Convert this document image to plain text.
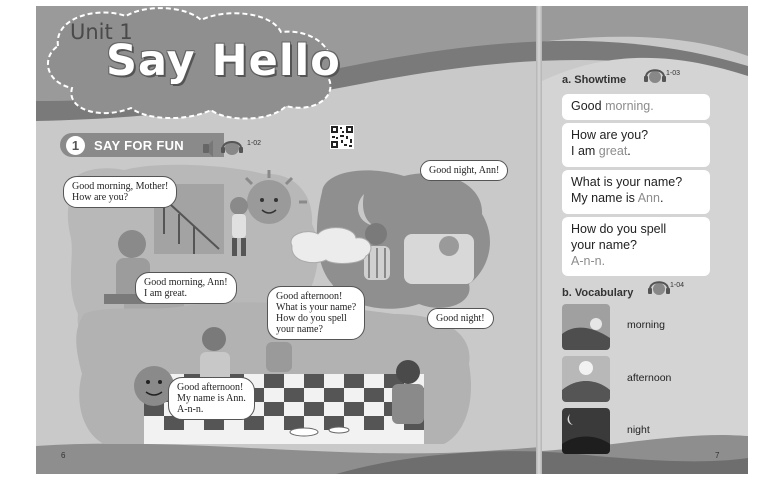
Unit 1
Say Hello
1	SAY FOR FUN	1-02
Good morning, Mother!
How are you?
Good morning, Ann!
I am great.	Good afternoon!
What is your name?
How do you spell
your name?
Good afternoon!
My name is Ann.
A-n-n.
Good night, Ann!
Good night!
a. Showtime
1-03
Good morning.
How are you?
I am great.
What is your name?
My name is Ann.
How do you spell
your name?
A-n-n.
b. Vocabulary
1-04
morning
afternoon
night
6	7
